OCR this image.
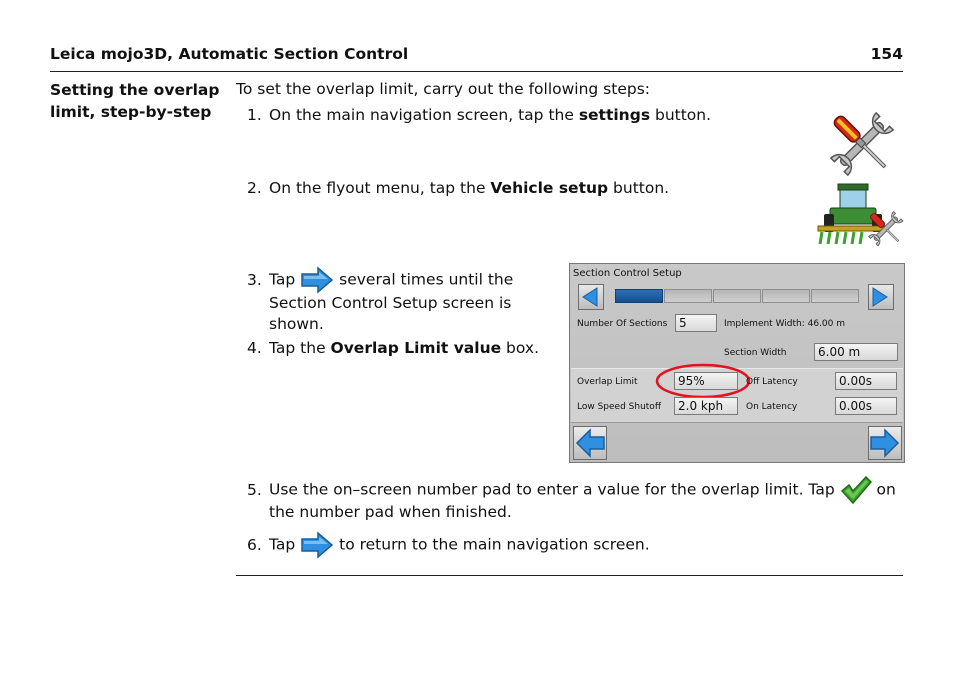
Leica mojo3D, Automatic Section Control	154
Setting the overlap
limit, step-by-step
To set the overlap limit, carry out the following steps:
1. On the main navigation screen, tap the settings button.
2. On the flyout menu, tap the Vehicle setup button.
3. Tap	several times until the
Section Control Setup screen is
shown.
4. Tap the Overlap Limit value box.
Section Control Setup
Number Of Sections 5	Implement Width: 46.00 m
Section Width	6.00 m
Overlap Limit	95%	Off Latency	0.00s
Low Speed Shutoff	2.0 kph	On Latency	0.00s
5. Use the on–screen number pad to enter a value for the overlap limit. Tap	on
the number pad when finished.
6. Tap	to return to the main navigation screen.
